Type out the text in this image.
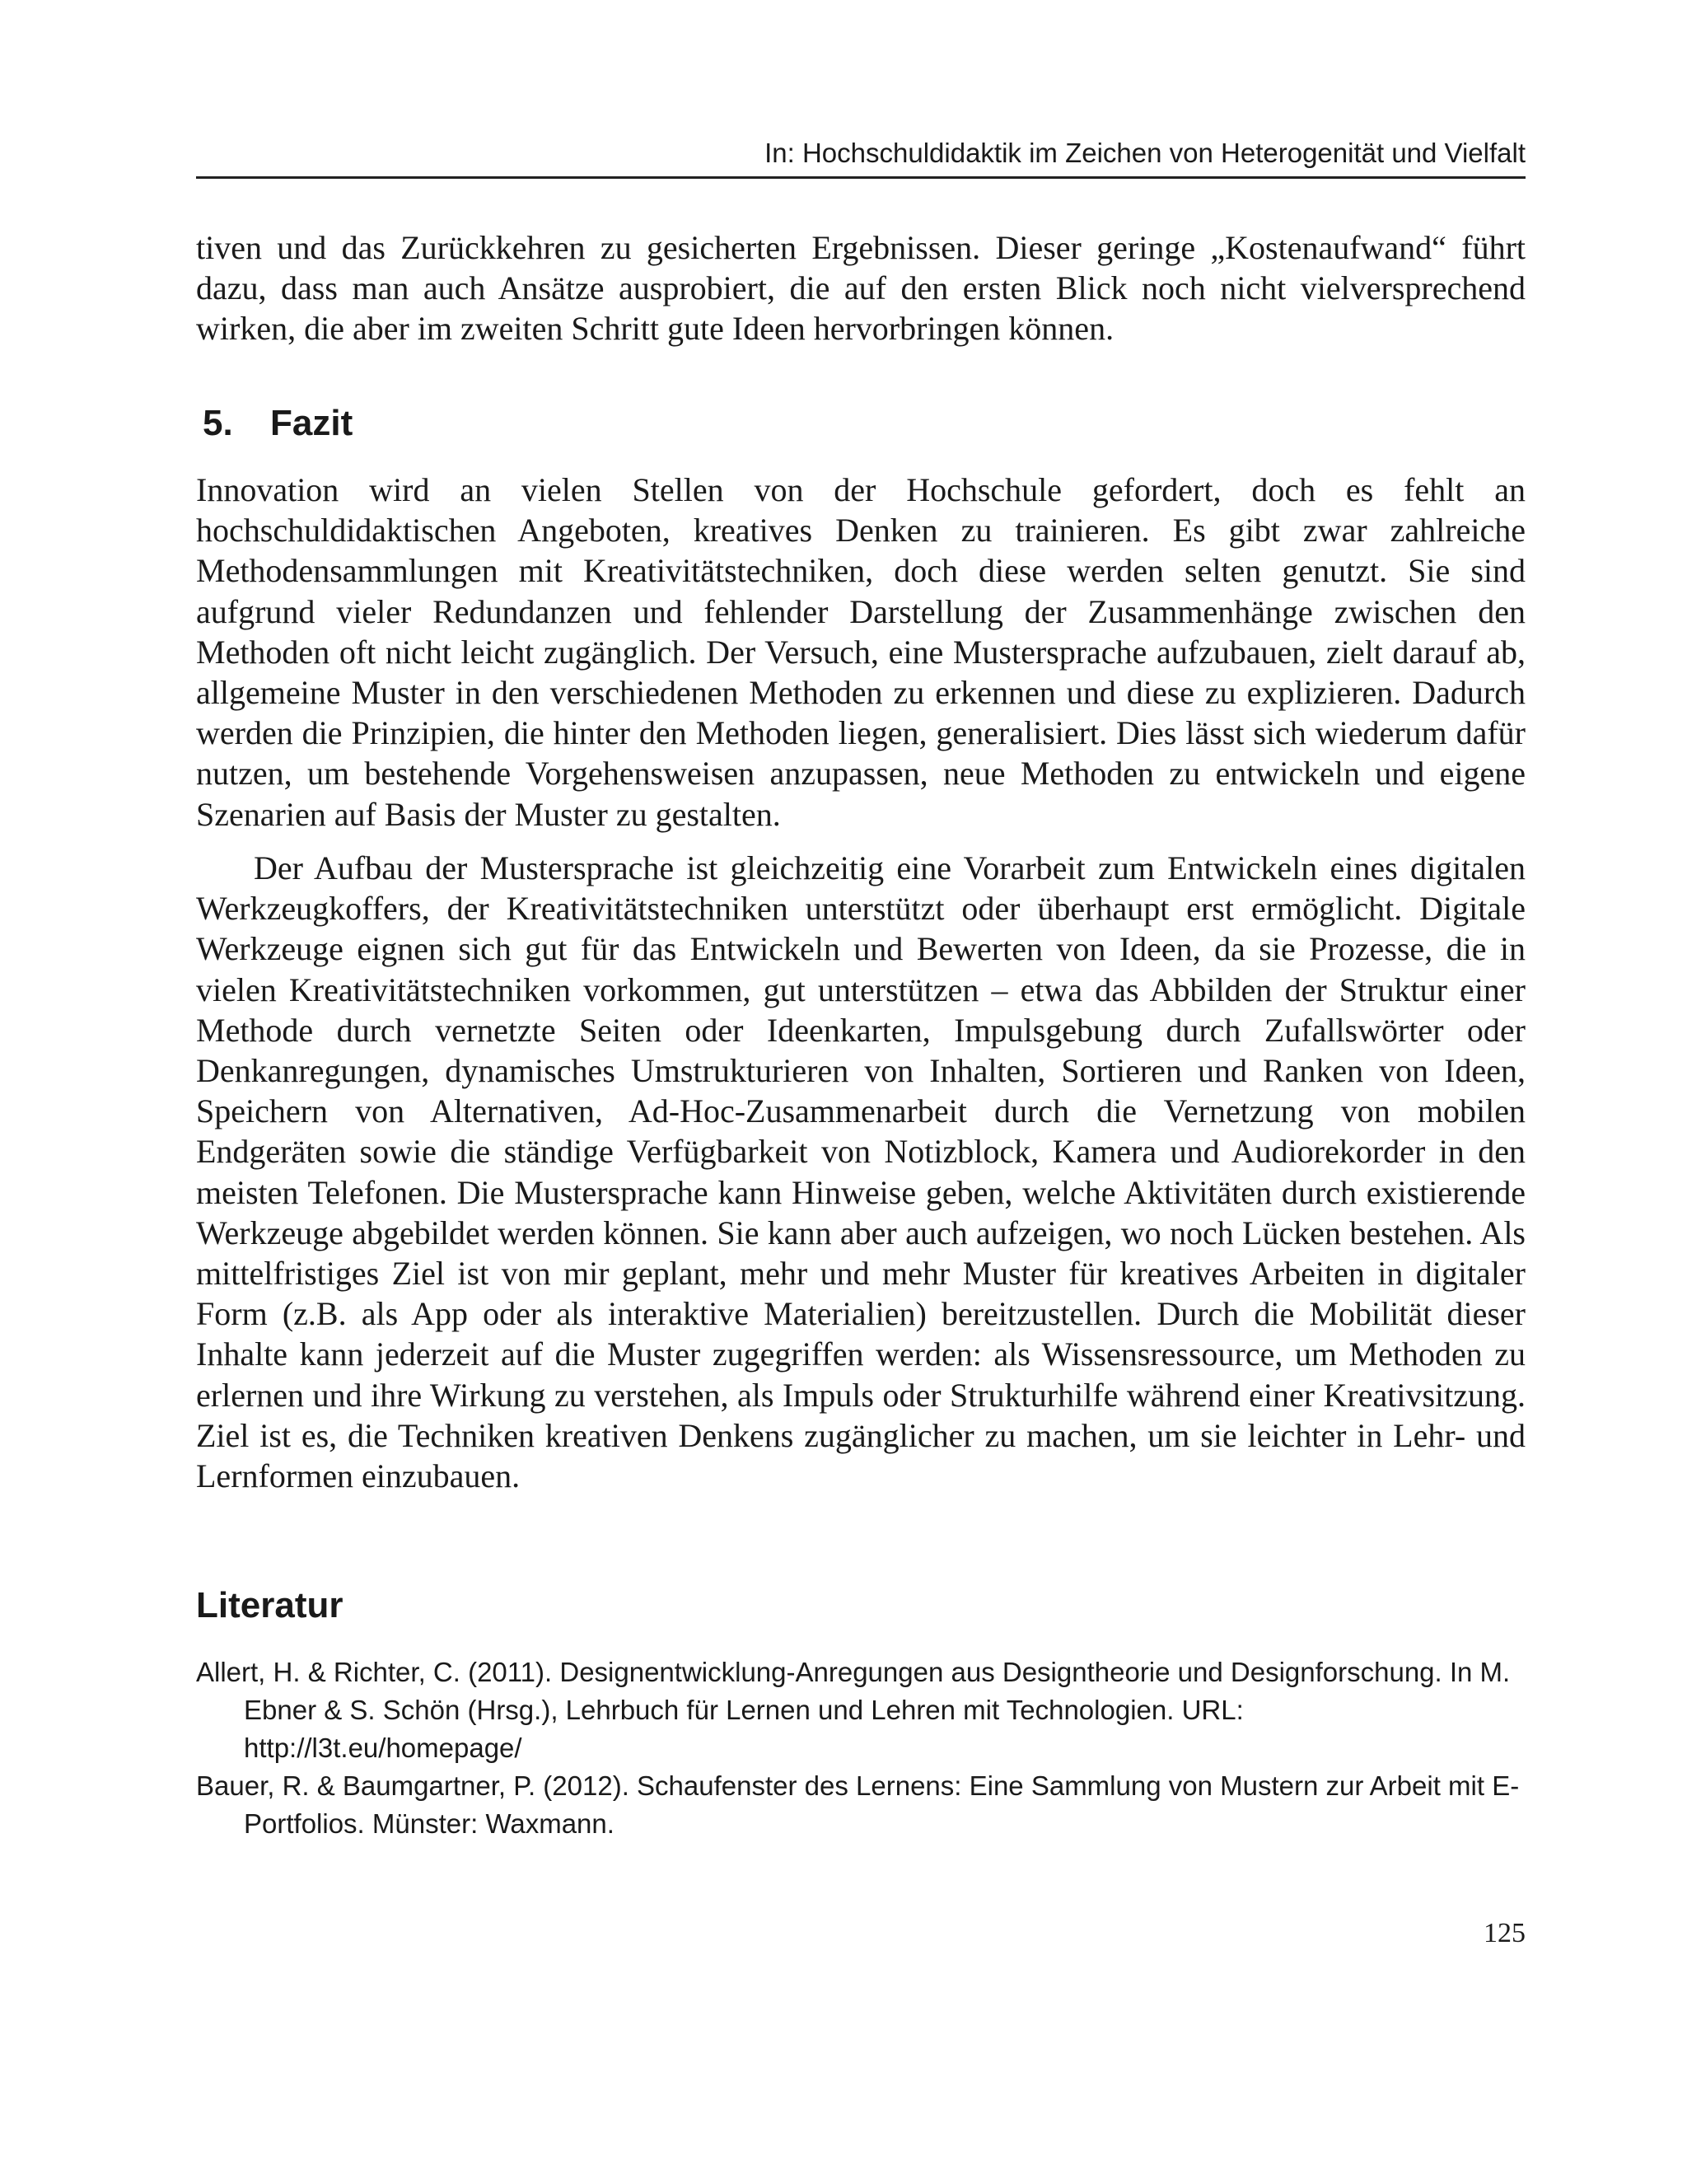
In: Hochschuldidaktik im Zeichen von Heterogenität und Vielfalt

tiven und das Zurückkehren zu gesicherten Ergebnissen. Dieser geringe „Kostenaufwand“ führt dazu, dass man auch Ansätze ausprobiert, die auf den ersten Blick noch nicht vielversprechend wirken, die aber im zweiten Schritt gute Ideen hervorbringen können.

5. Fazit

Innovation wird an vielen Stellen von der Hochschule gefordert, doch es fehlt an hochschuldidaktischen Angeboten, kreatives Denken zu trainieren. Es gibt zwar zahlreiche Methodensammlungen mit Kreativitätstechniken, doch diese werden selten genutzt. Sie sind aufgrund vieler Redundanzen und fehlender Darstellung der Zusammenhänge zwischen den Methoden oft nicht leicht zugänglich. Der Versuch, eine Mustersprache aufzubauen, zielt darauf ab, allgemeine Muster in den verschiedenen Methoden zu erkennen und diese zu explizieren. Dadurch werden die Prinzipien, die hinter den Methoden liegen, generalisiert. Dies lässt sich wiederum dafür nutzen, um bestehende Vorgehensweisen anzupassen, neue Methoden zu entwickeln und eigene Szenarien auf Basis der Muster zu gestalten.

Der Aufbau der Mustersprache ist gleichzeitig eine Vorarbeit zum Entwickeln eines digitalen Werkzeugkoffers, der Kreativitätstechniken unterstützt oder überhaupt erst ermöglicht. Digitale Werkzeuge eignen sich gut für das Entwickeln und Bewerten von Ideen, da sie Prozesse, die in vielen Kreativitätstechniken vorkommen, gut unterstützen – etwa das Abbilden der Struktur einer Methode durch vernetzte Seiten oder Ideenkarten, Impulsgebung durch Zufallswörter oder Denkanregungen, dynamisches Umstrukturieren von Inhalten, Sortieren und Ranken von Ideen, Speichern von Alternativen, Ad-Hoc-Zusammenarbeit durch die Vernetzung von mobilen Endgeräten sowie die ständige Verfügbarkeit von Notizblock, Kamera und Audiorekorder in den meisten Telefonen. Die Mustersprache kann Hinweise geben, welche Aktivitäten durch existierende Werkzeuge abgebildet werden können. Sie kann aber auch aufzeigen, wo noch Lücken bestehen. Als mittelfristiges Ziel ist von mir geplant, mehr und mehr Muster für kreatives Arbeiten in digitaler Form (z.B. als App oder als interaktive Materialien) bereitzustellen. Durch die Mobilität dieser Inhalte kann jederzeit auf die Muster zugegriffen werden: als Wissensressource, um Methoden zu erlernen und ihre Wirkung zu verstehen, als Impuls oder Strukturhilfe während einer Kreativsitzung. Ziel ist es, die Techniken kreativen Denkens zugänglicher zu machen, um sie leichter in Lehr- und Lernformen einzubauen.

Literatur
Allert, H. & Richter, C. (2011). Designentwicklung-Anregungen aus Designtheorie und Designforschung. In M. Ebner & S. Schön (Hrsg.), Lehrbuch für Lernen und Lehren mit Technologien. URL: http://l3t.eu/homepage/
Bauer, R. & Baumgartner, P. (2012). Schaufenster des Lernens: Eine Sammlung von Mustern zur Arbeit mit E-Portfolios. Münster: Waxmann.
125
